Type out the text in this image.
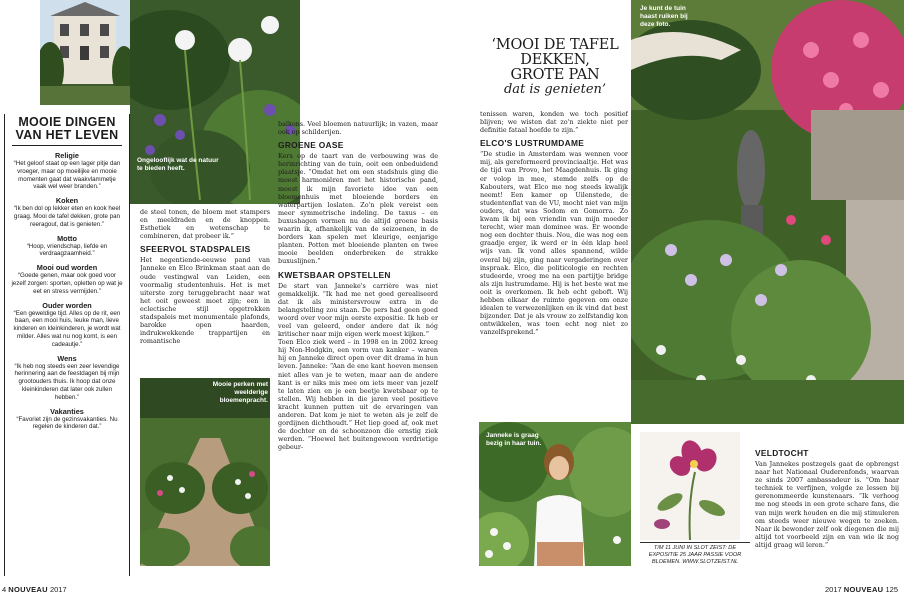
Ongelooflijk wat de natuur te bieden heeft.
Mooie perken met weelderige bloemenpracht.
Janneke is graag bezig in haar tuin.
Je kunt de tuin haast ruiken bij deze foto.
MOOIE DINGEN VAN HET LEVEN
Religie
“Het geloof staat op een lager pitje dan vroeger, maar op moeilijke en mooie momenten gaat dat waakvlammetje vaak wel weer branden.”
Koken
“Ik ben dol op lekker eten en kook heel graag. Mooi de tafel dekken, grote pan reeragout, dat is genieten.”
Motto
“Hoop, vriendschap, liefde en verdraagzaamheid.”
Mooi oud worden
“Goede genen, maar ook goed voor jezelf zorgen: sporten, opletten op wat je eet en stress vermijden.”
Ouder worden
“Een geweldige tijd. Alles op de rit, een baan, een mooi huis, leuke man, lieve kinderen en kleinkinderen, je wordt wat milder. Alles wat nu nog komt, is een cadeautje.”
Wens
“Ik heb nog steeds een zeer levendige herinnering aan de feestdagen bij mijn grootouders thuis. Ik hoop dat onze kleinkinderen dat later ook zullen hebben.”
Vakanties
“Favoriet zijn de gezinsvakanties. Nu regelen de kinderen dat.”

de steel tonen, de bloem met stampers en meeldraden en de knoppen. Esthetiek en wetenschap te combineren, dat probeer ik.”

SFEERVOL STADSPALEIS

Het negentiende-eeuwse pand van Janneke en Elco Brinkman staat aan de oude vestingwal van Leiden, een voormalig studentenhuis. Het is met uiterste zorg teruggebracht naar wat het ooit geweest moet zijn; een in eclectische stijl opgetrokken stadspaleis met monumentale plafonds, barokke open haarden, indrukwekkende trappartijen en romantische

balkons. Veel bloemen natuurlijk; in vazen, maar ook op schilderijen.

GROENE OASE

Kers op de taart van de verbouwing was de herinrichting van de tuin, ooit een onbeduidend plaatsje. “Omdat het om een stadshuis ging die moest harmoniëren met het historische pand, moest ik mijn favoriete idee van een bloemenhuis met bloeiende borders en waterpartijen loslaten. Zo'n plek vereist een meer symmetrische indeling. De taxus – en buxushagen vormen nu de altijd groene basis waarin ik, afhankelijk van de seizoenen, in de borders kan spelen met kleurige, eenjarige planten. Potten met bloeiende planten en twee mooie beelden onderbreken de strakke buxuslijnen.”

KWETSBAAR OPSTELLEN

De start van Janneke's carrière was niet gemakkelijk. “Ik had me net goed gerealiseerd dat ik als ministersvrouw extra in de belangstelling zou staan. De pers had geen goed woord over voor mijn eerste expositie. Ik heb er veel van geleerd, onder andere dat ik nóg kritischer naar mijn eigen werk moest kijken.”

Toen Elco ziek werd – in 1998 en in 2002 kreeg hij Non-Hodgkin, een vorm van kanker – waren hij en Janneke direct open over dit drama in hun leven. Janneke: “Aan de ene kant hoeven mensen niet alles van je te weten, maar aan de andere kant is er niks mis mee om iets meer van jezelf te laten zien en je een beetje kwetsbaar op te stellen. Wij hebben in die jaren veel positieve kracht kunnen putten uit de ervaringen van anderen. Dat kom je niet te weten als je zelf de gordijnen dichthoudt.” Het liep goed af, ook met de dochter en de schoonzoon die ernstig ziek werden. “Hoewel het buitengewoon verdrietige gebeur-

‘MOOI DE TAFEL
DEKKEN,
GROTE PAN
dat is genieten’

tenissen waren, konden we toch positief blijven; we wisten dat zo'n ziekte niet per definitie fataal hoefde te zijn.”

ELCO'S LUSTRUMDAME

“De studie in Amsterdam was wennen voor mij, als gereformeerd provinciaaltje. Het was de tijd van Provo, het Maagdenhuis. Ik ging er volop in mee, stemde zelfs op de Kabouters, wat Elco me nog steeds kwalijk neemt! Een kamer op Uilenstede, de studentenflat van de VU, mocht niet van mijn ouders, dat was Sodom en Gomorra. Zo kwam ik bij een vriendin van mijn moeder terecht, wier man dominee was. Er woonde nog een dochter thuis. Nou, die was nog een graadje erger, ik werd er in één klap heel wijs van. Ik vond alles spannend, wilde overal bij zijn, ging naar vergaderingen over inspraak. Elco, die politicologie en rechten studeerde, vroeg me na een partijtje bridge als zijn lustrumdame. Hij is het beste wat me ooit is overkomen. Ik heb echt geboft. Wij hebben elkaar de ruimte gegeven om onze idealen te verwezenlijken en ik vind dat best bijzonder. Dat je als vrouw zo zelfstandig kon ontwikkelen, was toen echt nog niet zo vanzelfsprekend.”

VELDTOCHT

Van Jannekes postzegels gaat de opbrengst naar het Nationaal Ouderenfonds, waarvan ze sinds 2007 ambassadeur is. “Om haar techniek te verfijnen, volgde ze lessen bij gerenommeerde kunstenaars. “Ik verhoog me nog steeds in een grote schare fans, die van mijn werk houden en die mij stimuleren om steeds weer nieuwe wegen te zoeken. Naar ik bewonder zelf ook diegenen die mij altijd tot voorbeeld zijn en van wie ik nog altijd graag wil leren.”

T/M 11 JUNI IN SLOT ZEIST: DE EXPOSITIE 25 JAAR PASSIE VOOR BLOEMEN. WWW.SLOTZEIST.NL
4 NOUVEAU 2017	2017 NOUVEAU 125
